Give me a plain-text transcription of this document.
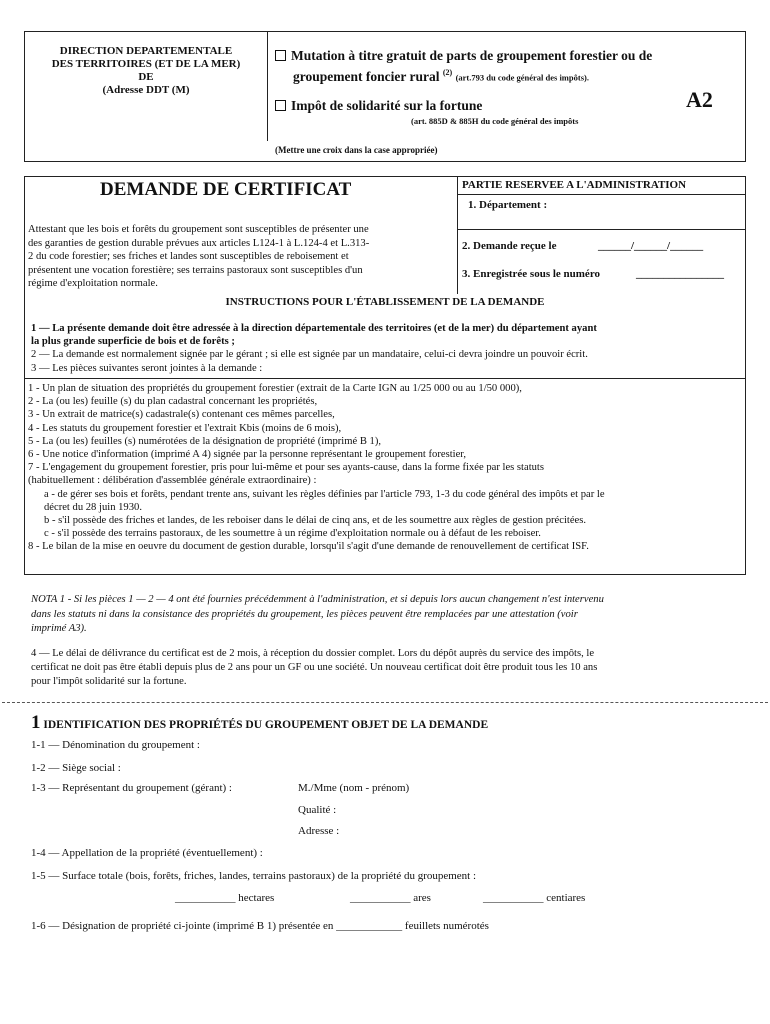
DIRECTION DEPARTEMENTALE
DES TERRITOIRES (ET DE LA MER)
DE
(Adresse DDT (M)
Mutation à titre gratuit de parts de groupement forestier ou de
groupement foncier rural $^{(2)}$ (art.793 du code général des impôts).
Impôt de solidarité sur la fortune
(art. 885D & 885H du code général des impôts
A2
(Mettre une croix dans la case appropriée)
DEMANDE DE CERTIFICAT
Attestant que les bois et forêts du groupement sont susceptibles de présenter une
des garanties de gestion durable prévues aux articles L124-1 à L.124-4 et L.313-
2 du code forestier; ses friches et landes sont susceptibles de reboisement et
présentent une vocation forestière; ses terrains pastoraux sont susceptibles d'un
régime d'exploitation normale.
PARTIE RESERVEE A L'ADMINISTRATION
1. Département :
2. Demande reçue le	______/______/______
3. Enregistrée sous le numéro	________________
INSTRUCTIONS POUR L'ÉTABLISSEMENT DE LA DEMANDE
1 — La présente demande doit être adressée à la direction départementale des territoires (et de la mer) du département ayant
la plus grande superficie de bois et de forêts ;
2 — La demande est normalement signée par le gérant ; si elle est signée par un mandataire, celui-ci devra joindre un pouvoir écrit.
3 — Les pièces suivantes seront jointes à la demande :
1 - Un plan de situation des propriétés du groupement forestier (extrait de la Carte IGN au 1/25 000 ou au 1/50 000),
2 - La (ou les) feuille (s) du plan cadastral concernant les propriétés,
3 - Un extrait de matrice(s) cadastrale(s) contenant ces mêmes parcelles,
4 - Les statuts du groupement forestier et l'extrait Kbis (moins de 6 mois),
5 - La (ou les) feuilles (s) numérotées de la désignation de propriété (imprimé B 1),
6 - Une notice d'information (imprimé A 4) signée par la personne représentant le groupement forestier,
7 - L'engagement du groupement forestier, pris pour lui-même et pour ses ayants-cause, dans la forme fixée par les statuts
(habituellement : délibération d'assemblée générale extraordinaire) :
a - de gérer ses bois et forêts, pendant trente ans, suivant les règles définies par l'article 793, 1-3 du code général des impôts et par le
décret du 28 juin 1930.
b - s'il possède des friches et landes, de les reboiser dans le délai de cinq ans, et de les soumettre aux règles de gestion précitées.
c - s'il possède des terrains pastoraux, de les soumettre à un régime d'exploitation normale ou à défaut de les reboiser.
8 - Le bilan de la mise en oeuvre du document de gestion durable, lorsqu'il s'agit d'une demande de renouvellement de certificat ISF.
NOTA 1 - Si les pièces 1 — 2 — 4 ont été fournies précédemment à l'administration, et si depuis lors aucun changement n'est intervenu
dans les statuts ni dans la consistance des propriétés du groupement, les pièces peuvent être remplacées par une attestation (voir
imprimé A3).
4 — Le délai de délivrance du certificat est de 2 mois, à réception du dossier complet. Lors du dépôt auprès du service des impôts, le
certificat ne doit pas être établi depuis plus de 2 ans pour un GF ou une société. Un nouveau certificat doit être produit tous les 10 ans
pour l'impôt solidarité sur la fortune.
1 IDENTIFICATION DES PROPRIÉTÉS DU GROUPEMENT OBJET DE LA DEMANDE
1-1 — Dénomination du groupement :
1-2 — Siège social :
1-3 — Représentant du groupement (gérant) :	M./Mme (nom - prénom)
Qualité :
Adresse :
1-4 — Appellation de la propriété (éventuellement) :
1-5 — Surface totale (bois, forêts, friches, landes, terrains pastoraux) de la propriété du groupement :
___________ hectares	___________ ares	___________ centiares
1-6 — Désignation de propriété ci-jointe (imprimé B 1) présentée en ____________ feuillets numérotés
